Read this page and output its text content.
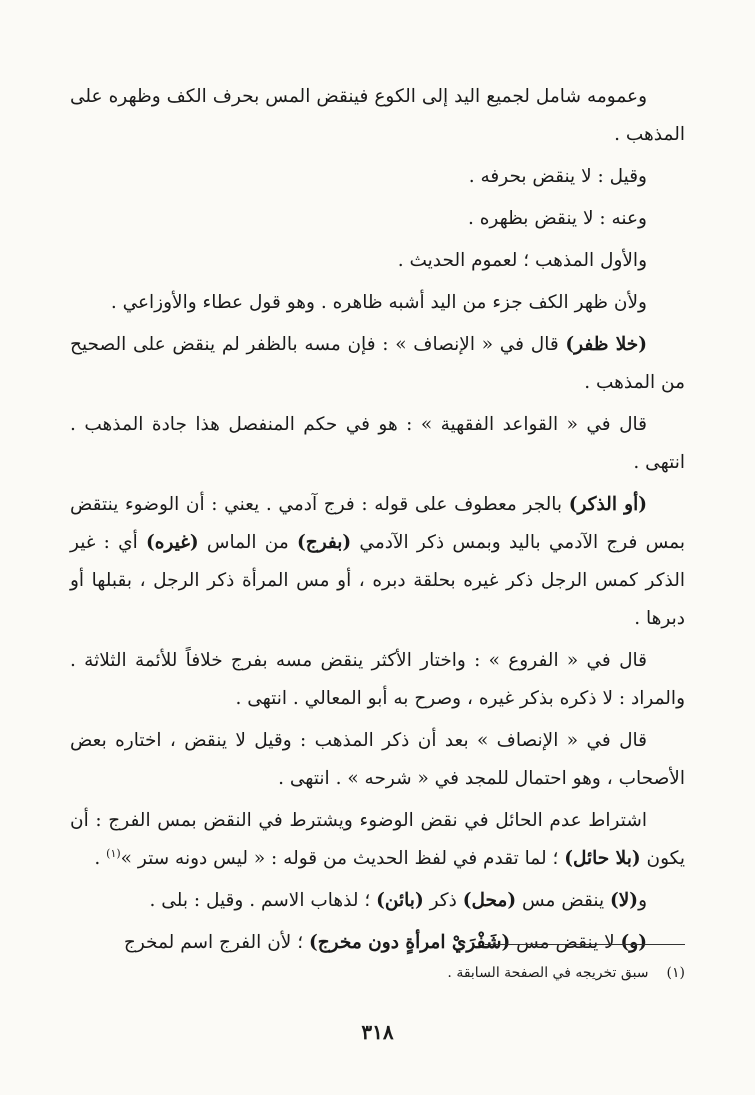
وعمومه شامل لجميع اليد إلى الكوع فينقض المس بحرف الكف وظهره على المذهب .

وقيل : لا ينقض بحرفه .

وعنه : لا ينقض بظهره .

والأول المذهب ؛ لعموم الحديث .

ولأن ظهر الكف جزء من اليد أشبه ظاهره . وهو قول عطاء والأوزاعي .

(خلا ظفر) قال في « الإنصاف » : فإن مسه بالظفر لم ينقض على الصحيح من المذهب .

قال في « القواعد الفقهية » : هو في حكم المنفصل هذا جادة المذهب . انتهى .

(أو الذكر) بالجر معطوف على قوله : فرج آدمي . يعني : أن الوضوء ينتقض بمس فرج الآدمي باليد وبمس ذكر الآدمي (بفرج) من الماس (غيره) أي : غير الذكر كمس الرجل ذكر غيره بحلقة دبره ، أو مس المرأة ذكر الرجل ، بقبلها أو دبرها .

قال في « الفروع » : واختار الأكثر ينقض مسه بفرج خلافاً للأئمة الثلاثة . والمراد : لا ذكره بذكر غيره ، وصرح به أبو المعالي . انتهى .

قال في « الإنصاف » بعد أن ذكر المذهب : وقيل لا ينقض ، اختاره بعض الأصحاب ، وهو احتمال للمجد في « شرحه » . انتهى .

اشتراط عدم الحائل في نقض الوضوء ويشترط في النقض بمس الفرج : أن يكون (بلا حائل) ؛ لما تقدم في لفظ الحديث من قوله : « ليس دونه ستر »$^{(١)}$ .

و(لا) ينقض مس (محل) ذكر (بائن) ؛ لذهاب الاسم . وقيل : بلى .

(و) لا ينقض مس (شَفْرَيْ امرأةٍ دون مخرج) ؛ لأن الفرج اسم لمخرج

(١)سبق تخريجه في الصفحة السابقة .
٣١٨
